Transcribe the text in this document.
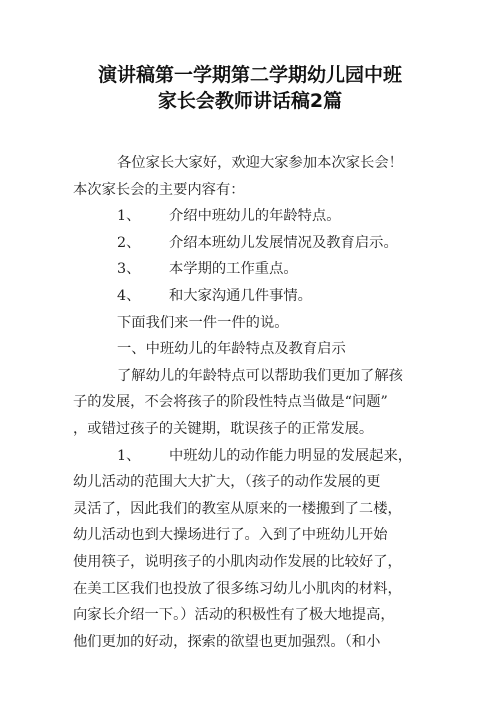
演讲稿第一学期第二学期幼儿园中班
家长会教师讲话稿2篇
各位家长大家好，欢迎大家参加本次家长会！
本次家长会的主要内容有：
1、 介绍中班幼儿的年龄特点。
2、 介绍本班幼儿发展情况及教育启示。
3、 本学期的工作重点。
4、 和大家沟通几件事情。
下面我们来一件一件的说。
一、中班幼儿的年龄特点及教育启示
了解幼儿的年龄特点可以帮助我们更加了解孩
子的发展，不会将孩子的阶段性特点当做是“问题”
，或错过孩子的关键期，耽误孩子的正常发展。
1、 中班幼儿的动作能力明显的发展起来，
幼儿活动的范围大大扩大，（孩子的动作发展的更
灵活了，因此我们的教室从原来的一楼搬到了二楼，
幼儿活动也到大操场进行了。入到了中班幼儿开始
使用筷子，说明孩子的小肌肉动作发展的比较好了，
在美工区我们也投放了很多练习幼儿小肌肉的材料，
向家长介绍一下。）活动的积极性有了极大地提高，
他们更加的好动，探索的欲望也更加强烈。（和小
